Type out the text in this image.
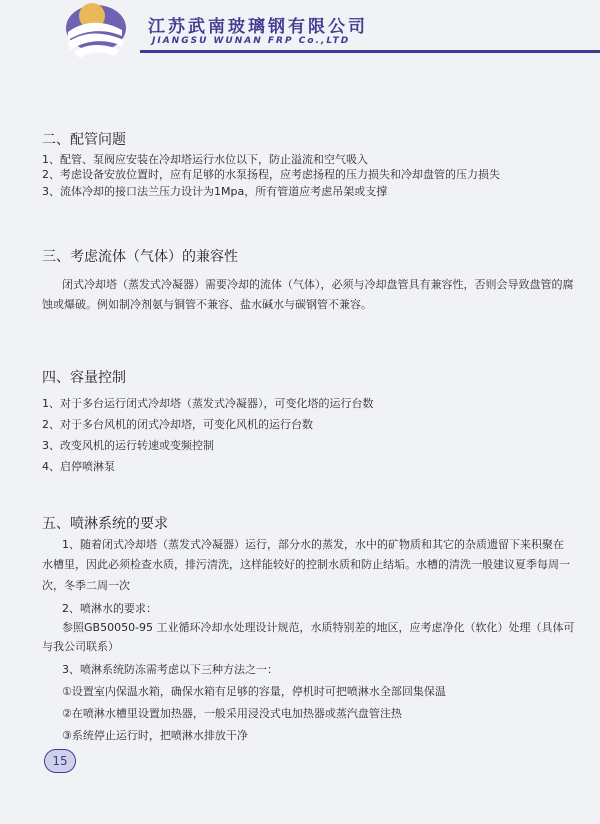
江苏武南玻璃钢有限公司
JIANGSU WUNAN FRP Co.,LTD
二、配管问题
1、配管、泵阀应安装在冷却塔运行水位以下，防止溢流和空气吸入
2、考虑设备安放位置时，应有足够的水泵扬程，应考虑扬程的压力损失和冷却盘管的压力损失
3、流体冷却的接口法兰压力设计为1Mpa，所有管道应考虑吊架或支撑
三、考虑流体（气体）的兼容性
闭式冷却塔（蒸发式冷凝器）需要冷却的流体（气体），必须与冷却盘管具有兼容性，否则会导致盘管的腐
蚀或爆破。例如制冷剂氨与铜管不兼容、盐水碱水与碳钢管不兼容。
四、容量控制
1、对于多台运行闭式冷却塔（蒸发式冷凝器），可变化塔的运行台数
2、对于多台风机的闭式冷却塔，可变化风机的运行台数
3、改变风机的运行转速或变频控制
4、启停喷淋泵
五、喷淋系统的要求
1、随着闭式冷却塔（蒸发式冷凝器）运行，部分水的蒸发，水中的矿物质和其它的杂质遗留下来积聚在
水槽里，因此必须检查水质，排污清洗，这样能较好的控制水质和防止结垢。水槽的清洗一般建议夏季每周一
次，冬季二周一次
2、喷淋水的要求：
参照GB50050-95 工业循环冷却水处理设计规范，水质特别差的地区，应考虑净化（软化）处理（具体可
与我公司联系）
3、喷淋系统防冻需考虑以下三种方法之一：
①设置室内保温水箱，确保水箱有足够的容量，停机时可把喷淋水全部回集保温
②在喷淋水槽里设置加热器，一般采用浸没式电加热器或蒸汽盘管注热
③系统停止运行时，把喷淋水排放干净
15
